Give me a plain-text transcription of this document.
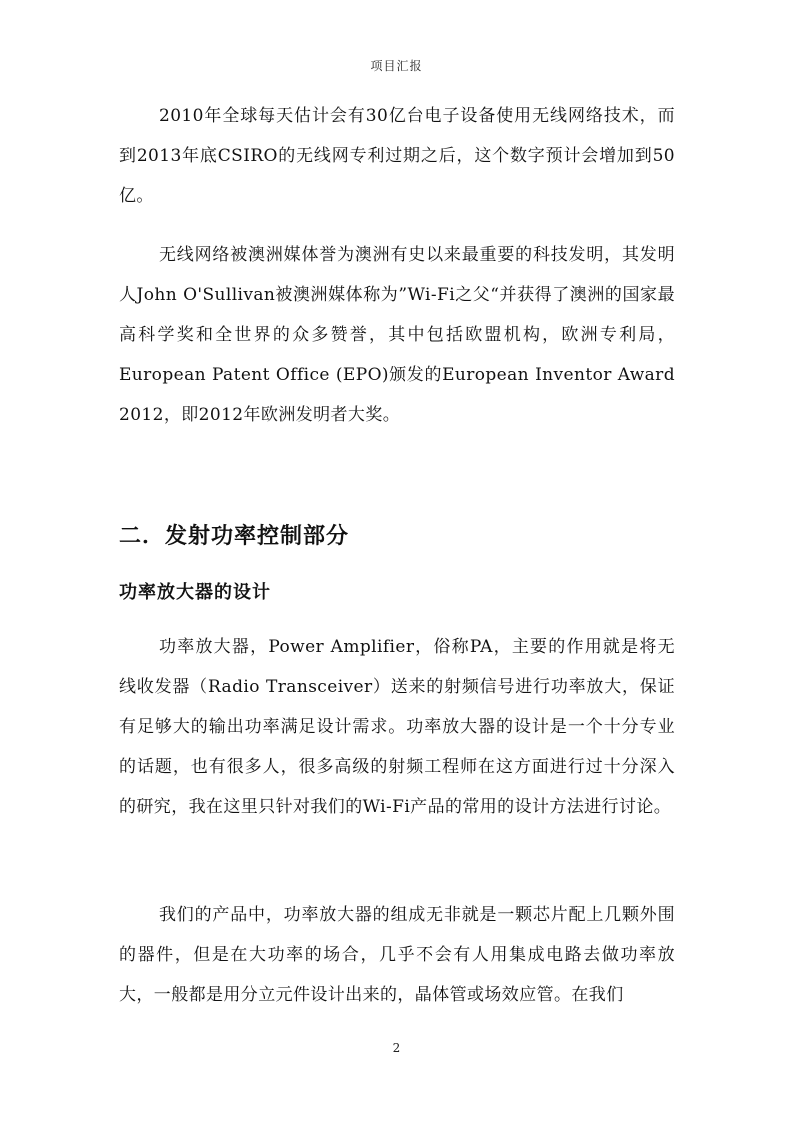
项目汇报

2010年全球每天估计会有30亿台电子设备使用无线网络技术，而到2013年底CSIRO的无线网专利过期之后，这个数字预计会增加到50亿。

无线网络被澳洲媒体誉为澳洲有史以来最重要的科技发明，其发明人John O'Sullivan被澳洲媒体称为”Wi-Fi之父“并获得了澳洲的国家最高科学奖和全世界的众多赞誉，其中包括欧盟机构，欧洲专利局，European Patent Office (EPO)颁发的European Inventor Award 2012，即2012年欧洲发明者大奖。

二．发射功率控制部分
功率放大器的设计

功率放大器，Power Amplifier，俗称PA，主要的作用就是将无线收发器（Radio Transceiver）送来的射频信号进行功率放大，保证有足够大的输出功率满足设计需求。功率放大器的设计是一个十分专业的话题，也有很多人，很多高级的射频工程师在这方面进行过十分深入的研究，我在这里只针对我们的Wi-Fi产品的常用的设计方法进行讨论。

我们的产品中，功率放大器的组成无非就是一颗芯片配上几颗外围的器件，但是在大功率的场合，几乎不会有人用集成电路去做功率放大，一般都是用分立元件设计出来的，晶体管或场效应管。在我们

2
